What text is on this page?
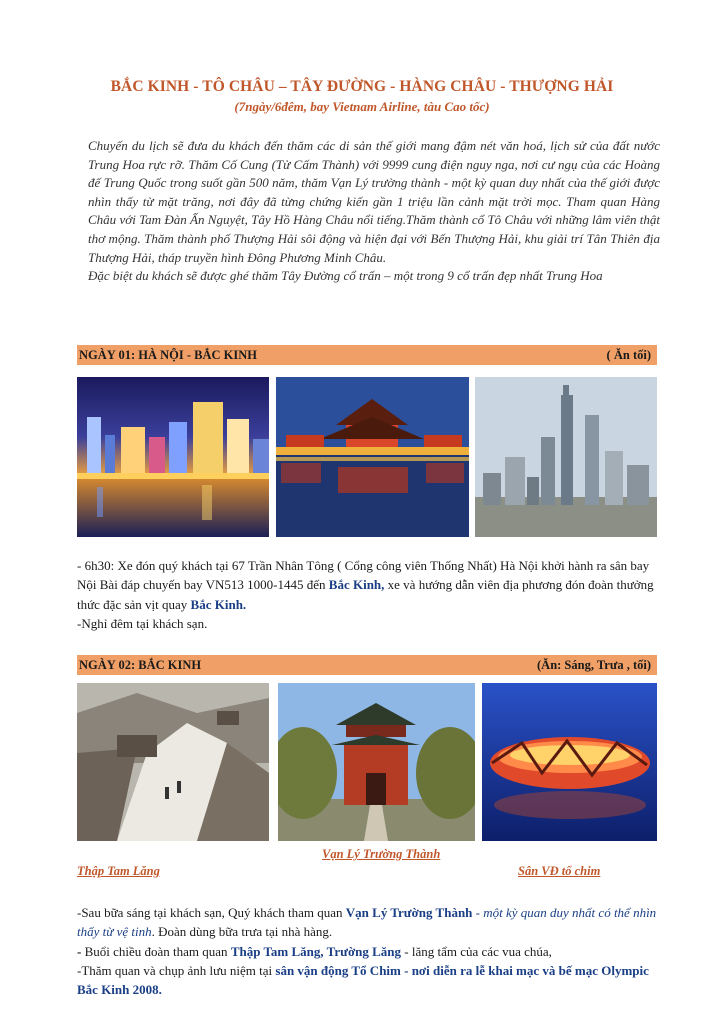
BẮC KINH - TÔ CHÂU – TÂY ĐƯỜNG - HÀNG CHÂU - THƯỢNG HẢI
(7ngày/6đêm, bay Vietnam Airline, tàu Cao tốc)

Chuyến du lịch sẽ đưa du khách đến thăm các di sản thế giới mang đậm nét văn hoá, lịch sử của đất nước Trung Hoa rực rỡ. Thăm Cố Cung (Tử Cấm Thành) với 9999 cung điện nguy nga, nơi cư ngụ của các Hoàng đế Trung Quốc trong suốt gần 500 năm, thăm Vạn Lý trường thành - một kỳ quan duy nhất của thế giới được nhìn thấy từ mặt trăng, nơi đây đã từng chứng kiến gần 1 triệu lần cảnh mặt trời mọc. Tham quan Hàng Châu với Tam Đàn Ấn Nguyệt, Tây Hồ Hàng Châu nổi tiếng.Thăm thành cổ Tô Châu với những lâm viên thật thơ mộng. Thăm thành phố Thượng Hải sôi động và hiện đại với Bến Thượng Hải, khu giải trí Tân Thiên địa Thượng Hải, tháp truyền hình Đông Phương Minh Châu.

Đặc biệt du khách sẽ được ghé thăm Tây Đường cổ trấn – một trong 9 cổ trấn đẹp nhất Trung Hoa

NGÀY 01: HÀ NỘI - BẮC KINH	( Ăn tối)

- 6h30: Xe đón quý khách tại 67 Trần Nhân Tông ( Cổng công viên Thống Nhất) Hà Nội khởi hành ra sân bay Nội Bài đáp chuyến bay VN513 1000-1445 đến Bắc Kinh, xe và hướng dẫn viên địa phương đón đoàn thưởng thức đặc sản vịt quay Bắc Kinh.

-Nghỉ đêm tại khách sạn.

NGÀY 02: BẮC KINH	(Ăn: Sáng, Trưa , tối)
Vạn Lý Trường Thành
Thập Tam Lăng	Sân VĐ tổ chim

-Sau bữa sáng tại khách sạn, Quý khách tham quan Vạn Lý Trường Thành - một kỳ quan duy nhất có thể nhìn thấy từ vệ tinh. Đoàn dùng bữa trưa tại nhà hàng.

- Buổi chiều đoàn tham quan Thập Tam Lăng, Trường Lăng - lăng tẩm của các vua chúa,

-Thăm quan và chụp ảnh lưu niệm tại sân vận động Tổ Chim - nơi diễn ra lễ khai mạc và bế mạc Olympic Bắc Kinh 2008.
